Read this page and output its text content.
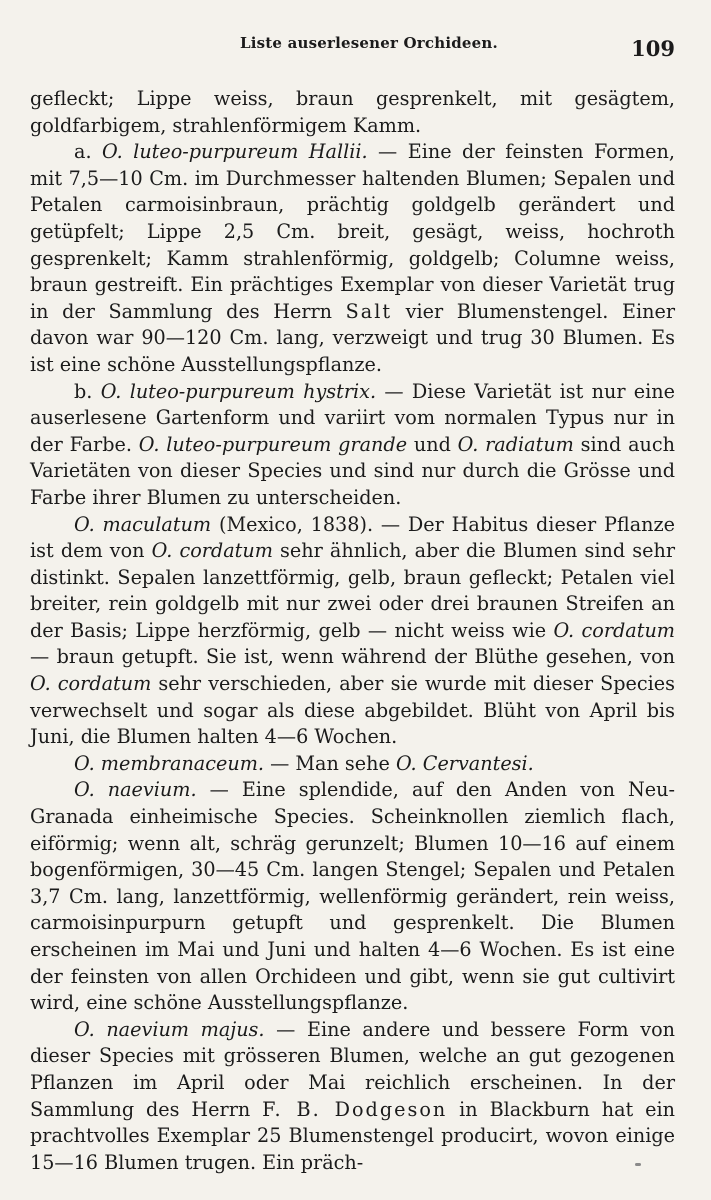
Liste auserlesener Orchideen.	109

gefleckt; Lippe weiss, braun gesprenkelt, mit gesägtem, goldfarbigem, strahlenförmigem Kamm.

a. O. luteo-purpureum Hallii. — Eine der feinsten Formen, mit 7,5—10 Cm. im Durchmesser haltenden Blumen; Sepalen und Petalen carmoisinbraun, prächtig goldgelb gerändert und getüpfelt; Lippe 2,5 Cm. breit, gesägt, weiss, hochroth gesprenkelt; Kamm strahlenförmig, goldgelb; Columne weiss, braun gestreift. Ein prächtiges Exemplar von dieser Varietät trug in der Sammlung des Herrn Salt vier Blumenstengel. Einer davon war 90—120 Cm. lang, verzweigt und trug 30 Blumen. Es ist eine schöne Ausstellungspflanze.

b. O. luteo-purpureum hystrix. — Diese Varietät ist nur eine auserlesene Gartenform und variirt vom normalen Typus nur in der Farbe. O. luteo-purpureum grande und O. radiatum sind auch Varietäten von dieser Species und sind nur durch die Grösse und Farbe ihrer Blumen zu unterscheiden.

O. maculatum (Mexico, 1838). — Der Habitus dieser Pflanze ist dem von O. cordatum sehr ähnlich, aber die Blumen sind sehr distinkt. Sepalen lanzettförmig, gelb, braun gefleckt; Petalen viel breiter, rein goldgelb mit nur zwei oder drei braunen Streifen an der Basis; Lippe herzförmig, gelb — nicht weiss wie O. cordatum — braun getupft. Sie ist, wenn während der Blüthe gesehen, von O. cordatum sehr verschieden, aber sie wurde mit dieser Species verwechselt und sogar als diese abgebildet. Blüht von April bis Juni, die Blumen halten 4—6 Wochen.

O. membranaceum. — Man sehe O. Cervantesi.

O. naevium. — Eine splendide, auf den Anden von Neu-Granada einheimische Species. Scheinknollen ziemlich flach, eiförmig; wenn alt, schräg gerunzelt; Blumen 10—16 auf einem bogenförmigen, 30—45 Cm. langen Stengel; Sepalen und Petalen 3,7 Cm. lang, lanzettförmig, wellenförmig gerändert, rein weiss, carmoisinpurpurn getupft und gesprenkelt. Die Blumen erscheinen im Mai und Juni und halten 4—6 Wochen. Es ist eine der feinsten von allen Orchideen und gibt, wenn sie gut cultivirt wird, eine schöne Ausstellungspflanze.

O. naevium majus. — Eine andere und bessere Form von dieser Species mit grösseren Blumen, welche an gut gezogenen Pflanzen im April oder Mai reichlich erscheinen. In der Sammlung des Herrn F. B. Dodgeson in Blackburn hat ein prachtvolles Exemplar 25 Blumenstengel producirt, wovon einige 15—16 Blumen trugen. Ein präch-
